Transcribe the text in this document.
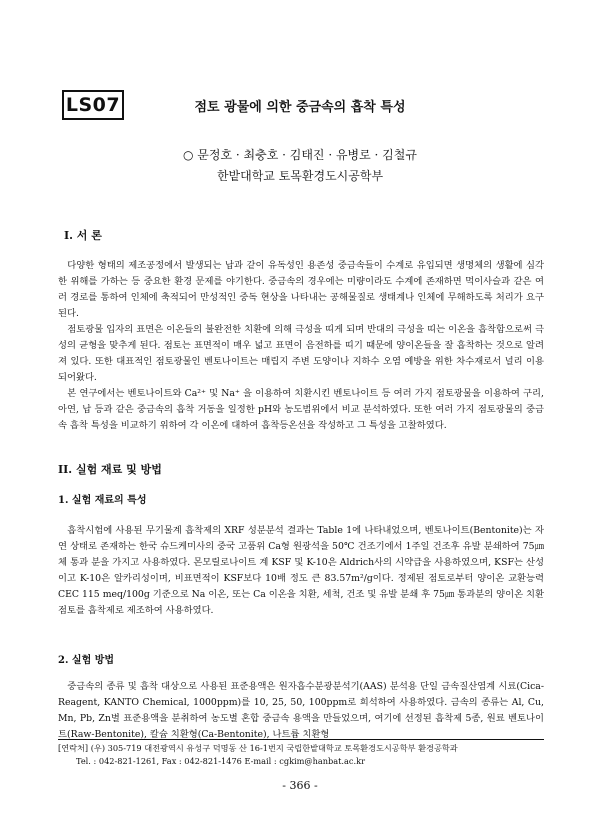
LS07	점토 광물에 의한 중금속의 흡착 특성
○ 문정호 · 최충호 · 김태진 · 유병로 · 김철규
한밭대학교 토목환경도시공학부
I. 서 론

다양한 형태의 제조공정에서 발생되는 납과 같이 유독성인 용존성 중금속들이 수계로 유입되면 생명체의 생활에 심각한 위해를 가하는 등 중요한 환경 문제를 야기한다. 중금속의 경우에는 미량이라도 수계에 존재하면 먹이사슬과 같은 여러 경로를 통하여 인체에 축적되어 만성적인 중독 현상을 나타내는 공해물질로 생태계나 인체에 무해하도록 처리가 요구된다.

점토광물 입자의 표면은 이온들의 불완전한 치환에 의해 극성을 띠게 되며 반대의 극성을 띠는 이온을 흡착함으로써 극성의 균형을 맞추게 된다. 점토는 표면적이 매우 넓고 표면이 음전하를 띠기 때문에 양이온들을 잘 흡착하는 것으로 알려져 있다. 또한 대표적인 점토광물인 벤토나이트는 매립지 주변 도양이나 지하수 오염 예방을 위한 차수재로서 널리 이용되어왔다.

본 연구에서는 벤토나이트와 Ca²⁺ 및 Na⁺ 을 이용하여 치환시킨 벤토나이트 등 여러 가지 점토광물을 이용하여 구리, 아연, 납 등과 같은 중금속의 흡착 거동을 일정한 pH와 농도범위에서 비교 분석하였다. 또한 여러 가지 점토광물의 중금속 흡착 특성을 비교하기 위하여 각 이온에 대하여 흡착등온선을 작성하고 그 특성을 고찰하였다.

II. 실험 재료 및 방법
1. 실험 재료의 특성

흡착시험에 사용된 무기물계 흡착제의 XRF 성분분석 결과는 Table 1에 나타내었으며, 벤토나이트(Bentonite)는 자연 상태로 존재하는 한국 슈드케미사의 중국 고품위 Ca형 원광석을 50℃ 건조기에서 1주일 건조후 유발 분쇄하여 75㎛ 체 통과 분을 가지고 사용하였다. 몬모릴로나이트 계 KSF 및 K-10은 Aldrich사의 시약급을 사용하였으며, KSF는 산성이고 K-10은 알카리성이며, 비표면적이 KSF보다 10배 정도 큰 83.57m²/g이다. 정제된 점토로부터 양이온 교환능력 CEC 115 meq/100g 기준으로 Na 이온, 또는 Ca 이온을 치환, 세척, 건조 및 유발 분쇄 후 75㎛ 통과분의 양이온 치환 점토를 흡착제로 제조하여 사용하였다.

2. 실험 방법

중금속의 종류 및 흡착 대상으로 사용된 표준용액은 원자흡수분광분석기(AAS) 분석용 단일 금속질산염계 시료(Cica-Reagent, KANTO Chemical, 1000ppm)를 10, 25, 50, 100ppm로 희석하여 사용하였다. 금속의 종류는 Al, Cu, Mn, Pb, Zn별 표준용액을 분취하여 농도별 혼합 중금속 용액을 만들었으며, 여기에 선정된 흡착제 5종, 원료 벤토나이트(Raw-Bentonite), 칼슘 치환형(Ca-Bentonite), 나트륨 치환형

[연락처] (우) 305-719 대전광역시 유성구 덕명동 산 16-1번지 국립한밭대학교 토목환경도시공학부 환경공학과
Tel. : 042-821-1261, Fax : 042-821-1476 E-mail : cgkim@hanbat.ac.kr
- 366 -
